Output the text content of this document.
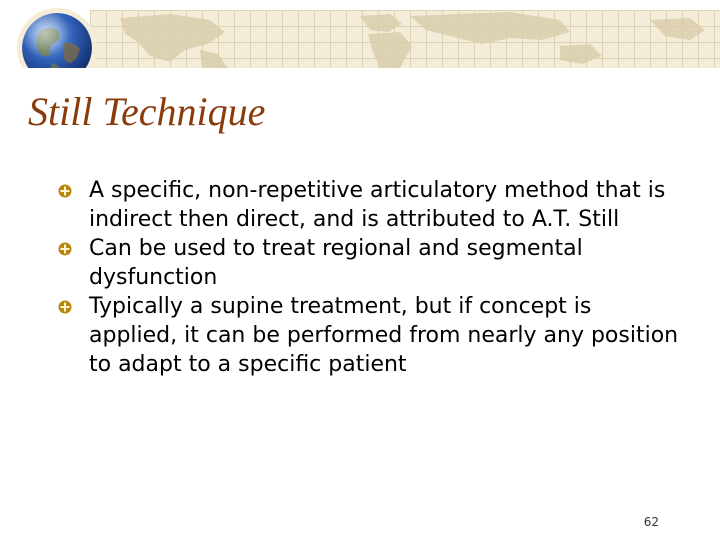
Still Technique
A specific, non-repetitive articulatory method that is indirect then direct, and is attributed to A.T. Still
Can be used to treat regional and segmental dysfunction
Typically a supine treatment, but if concept is applied, it can be performed from nearly any position to adapt to a specific patient
62
